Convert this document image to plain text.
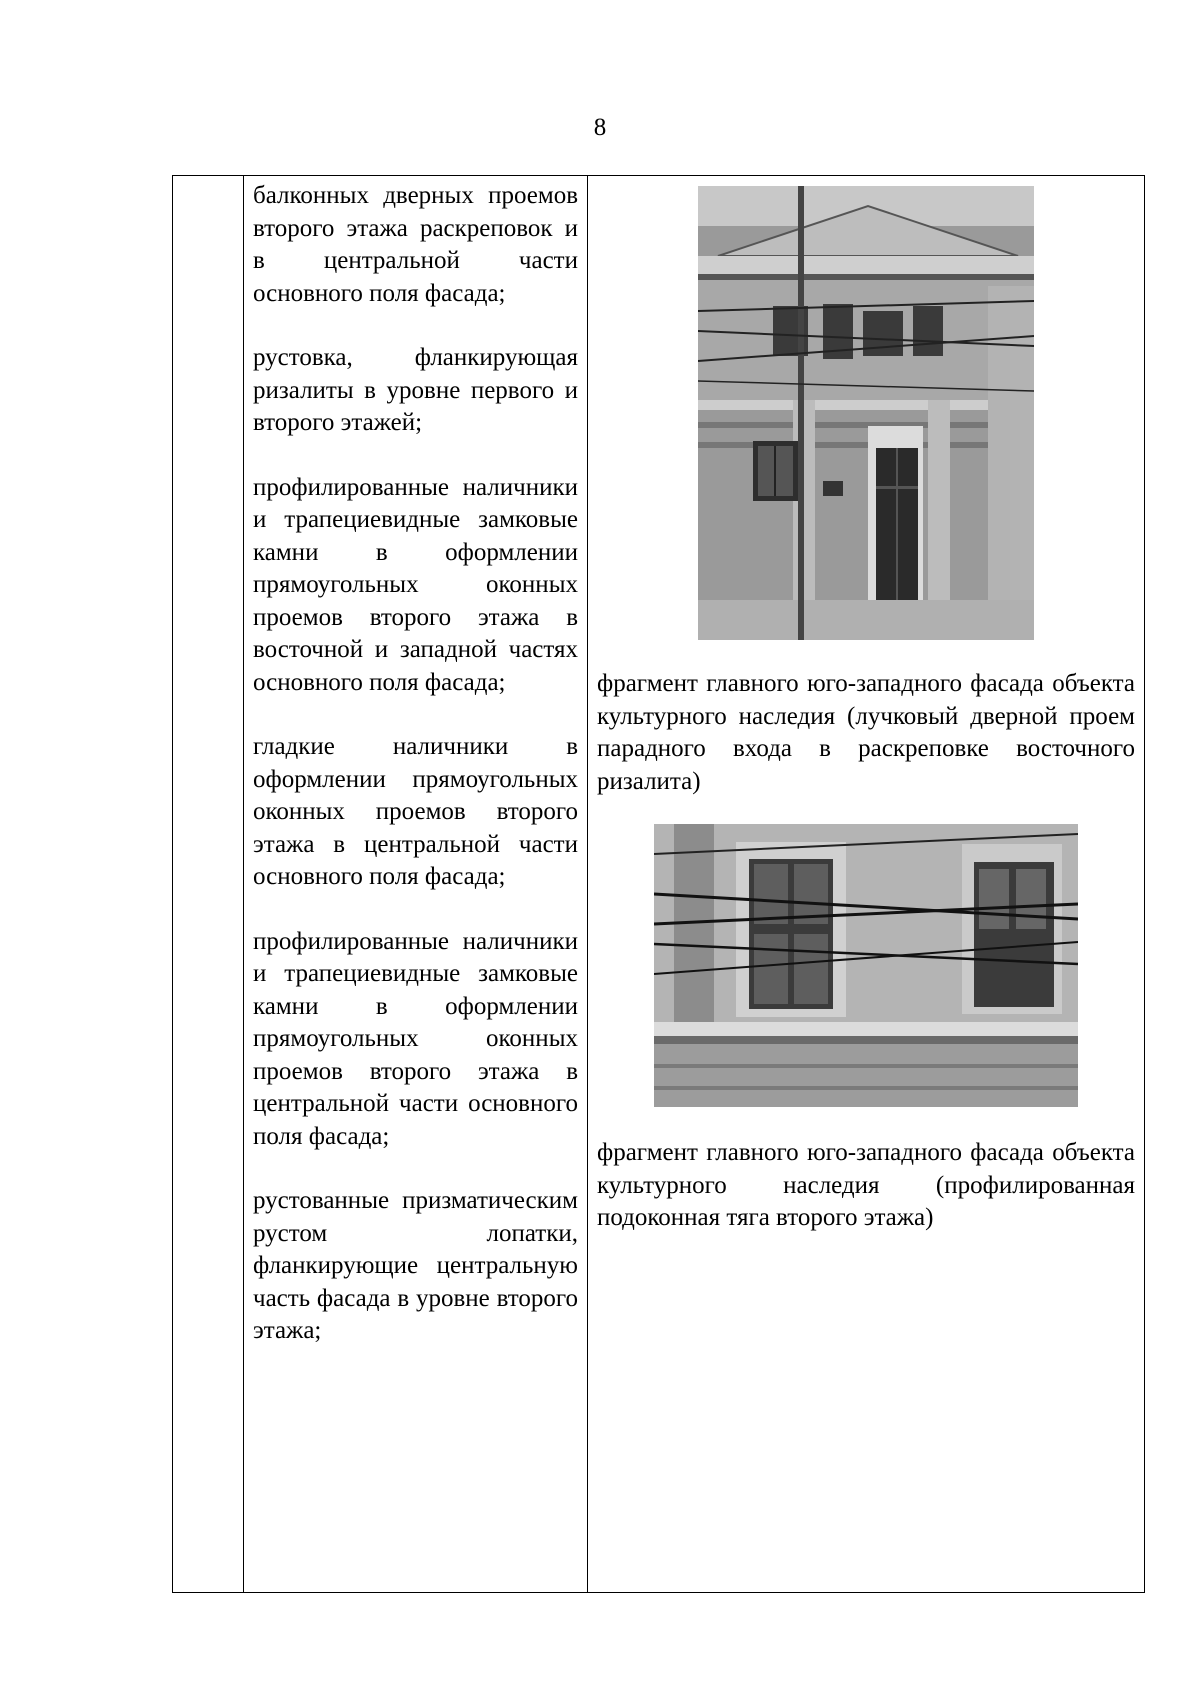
8

балконных дверных проемов второго этажа раскреповок и в центральной части основного поля фасада;

рустовка, фланкирующая ризалиты в уровне первого и второго этажей;

профилированные наличники и трапециевидные замковые камни в оформлении прямоугольных оконных проемов второго этажа в восточной и западной частях основного поля фасада;

гладкие наличники в оформлении прямоугольных оконных проемов второго этажа в центральной части основного поля фасада;

профилированные наличники и трапециевидные замковые камни в оформлении прямоугольных оконных проемов второго этажа в центральной части основного поля фасада;

рустованные призматическим рустом лопатки, фланкирующие центральную часть фасада в уровне второго этажа;

фрагмент главного юго-западного фасада объекта культурного наследия (лучковый дверной проем парадного входа в раскреповке восточного ризалита)

фрагмент главного юго-западного фасада объекта культурного наследия (профилированная подоконная тяга второго этажа)
